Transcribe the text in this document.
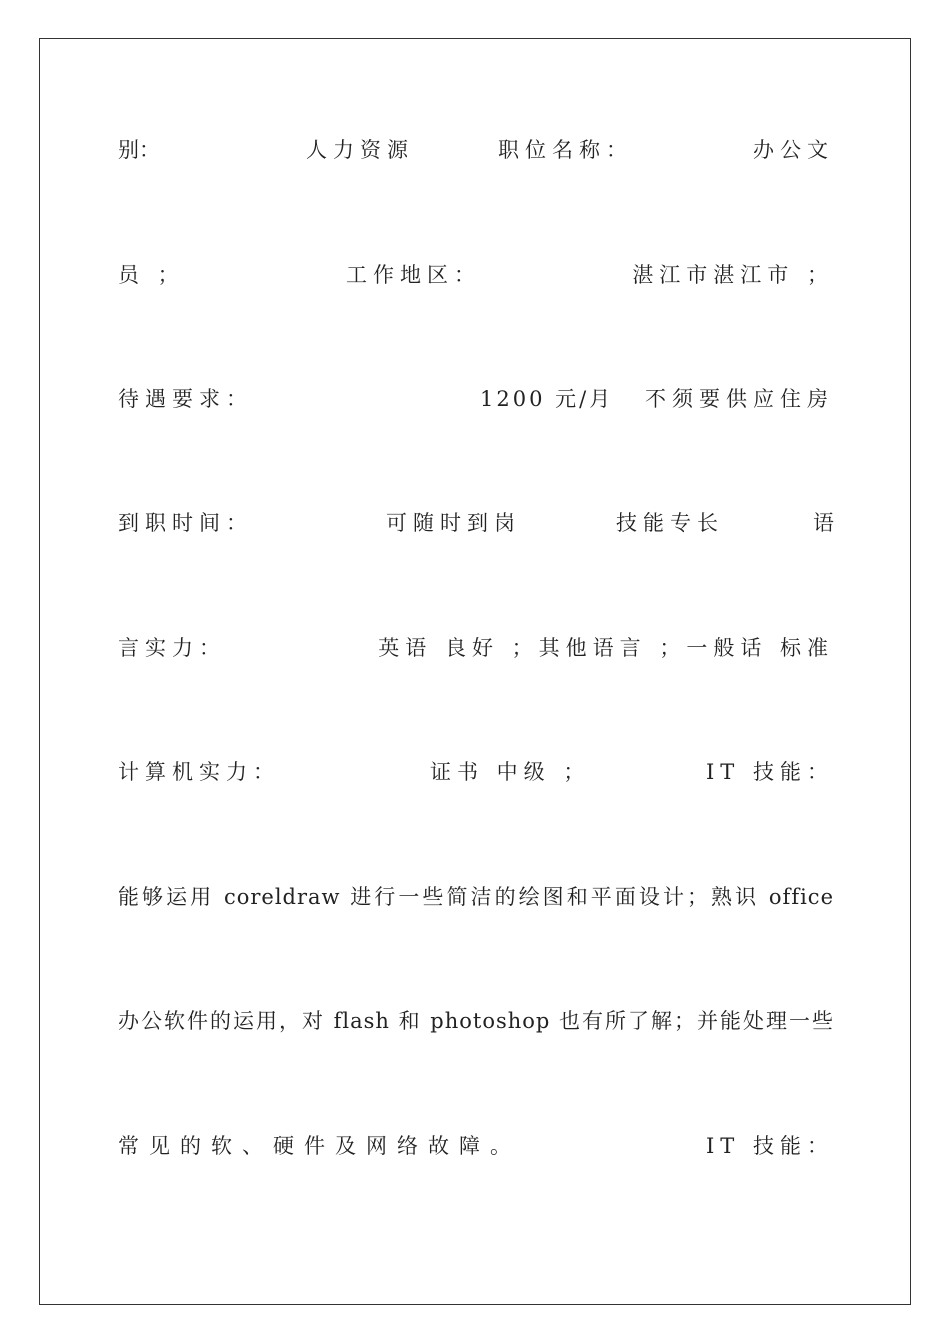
别：	人力资源	职位名称：	办公文
员 ；	工作地区：	湛江市湛江市 ；
待遇要求：	1200 元/月 不须要供应住房
到职时间：	可随时到岗	技能专长	语
言实力：	英语 良好 ；其他语言 ；一般话 标准
计算机实力：	证书 中级 ；	IT 技能：
能够运用 coreldraw 进行一些简洁的绘图和平面设计；熟识 office
办公软件的运用，对 flash 和 photoshop 也有所了解；并能处理一些
常见的软、硬件及网络故障。	IT 技能：
